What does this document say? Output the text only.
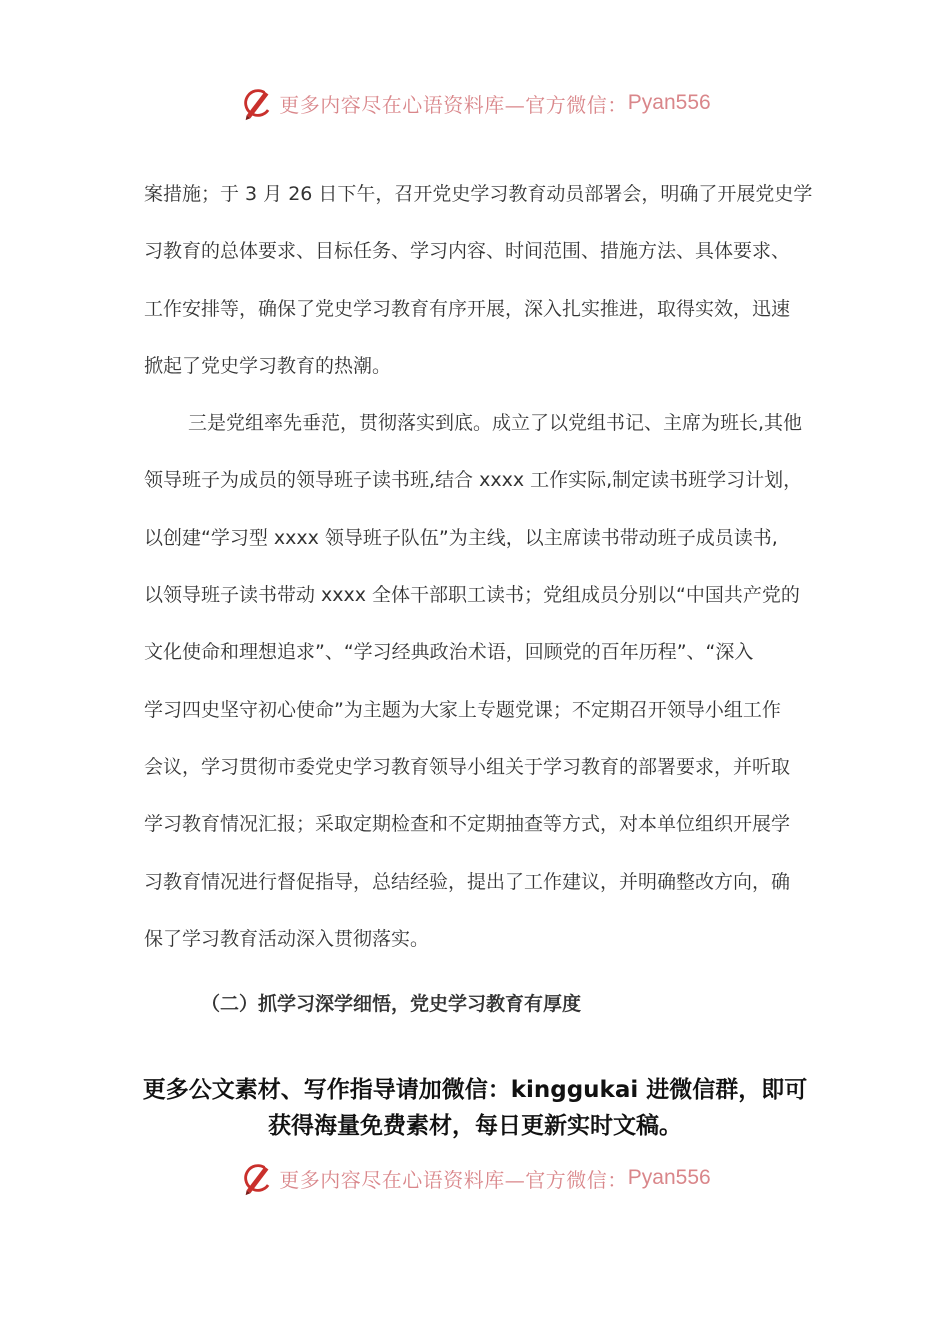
更多内容尽在心语资料库—官方微信： Pyan556
案措施；于 3 月 26 日下午，召开党史学习教育动员部署会，明确了开展党史学
习教育的总体要求、目标任务、学习内容、时间范围、措施方法、具体要求、
工作安排等，确保了党史学习教育有序开展，深入扎实推进，取得实效，迅速
掀起了党史学习教育的热潮。
三是党组率先垂范，贯彻落实到底。成立了以党组书记、主席为班长,其他
领导班子为成员的领导班子读书班,结合 xxxx 工作实际,制定读书班学习计划，
以创建“学习型 xxxx 领导班子队伍”为主线，以主席读书带动班子成员读书,
以领导班子读书带动 xxxx 全体干部职工读书；党组成员分别以“中国共产党的
文化使命和理想追求”、“学习经典政治术语，回顾党的百年历程”、“深入
学习四史坚守初心使命”为主题为大家上专题党课；不定期召开领导小组工作
会议，学习贯彻市委党史学习教育领导小组关于学习教育的部署要求，并听取
学习教育情况汇报；采取定期检查和不定期抽查等方式，对本单位组织开展学
习教育情况进行督促指导，总结经验，提出了工作建议，并明确整改方向，确
保了学习教育活动深入贯彻落实。
（二）抓学习深学细悟，党史学习教育有厚度
更多公文素材、写作指导请加微信：kinggukai 进微信群，即可
获得海量免费素材，每日更新实时文稿。
更多内容尽在心语资料库—官方微信： Pyan556
